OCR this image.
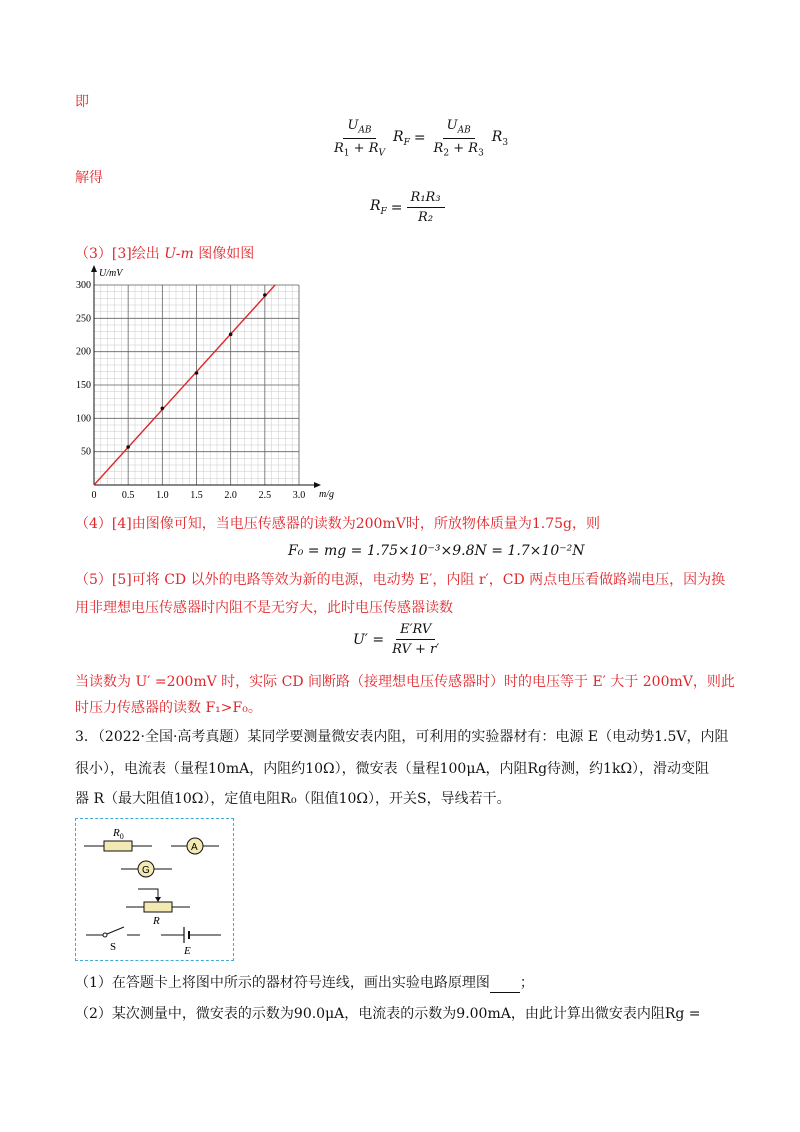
即
$\frac{U_{AB}}{R_1 + R_V} R_F = \frac{U_{AB}}{R_2 + R_3} R_3$
解得
$R_F = \frac{\text{R₁R₃}}{\text{R₂}}$
（3）[3]绘出 U-m 图像如图
U/mV
m/g
0	0.5 1.0 1.5 2.0 2.5 3.0
50
100
150
200
250
300
（4）[4]由图像可知，当电压传感器的读数为200mV时，所放物体质量为1.75g，则
F₀ = mg = 1.75×10⁻³×9.8N = 1.7×10⁻²N
（5）[5]可将 CD 以外的电路等效为新的电源，电动势 E′，内阻 r′，CD 两点电压看做路端电压，因为换
用非理想电压传感器时内阻不是无穷大，此时电压传感器读数
$U' = \frac{E'RV}{RV + r'}$
当读数为 U′ =200mV 时，实际 CD 间断路（接理想电压传感器时）时的电压等于 E′ 大于 200mV，则此
时压力传感器的读数 F₁>F₀。
3．（2022·全国·高考真题）某同学要测量微安表内阻，可利用的实验器材有：电源 E（电动势1.5V，内阻
很小），电流表（量程10mA，内阻约10Ω），微安表（量程100μA，内阻Rg待测，约1kΩ），滑动变阻
器 R（最大阻值10Ω），定值电阻R₀（阻值10Ω），开关S，导线若干。
$R_0$
A
G
R
S	E
（1）在答题卡上将图中所示的器材符号连线，画出实验电路原理图 ；
（2）某次测量中，微安表的示数为90.0μA，电流表的示数为9.00mA，由此计算出微安表内阻Rg =
